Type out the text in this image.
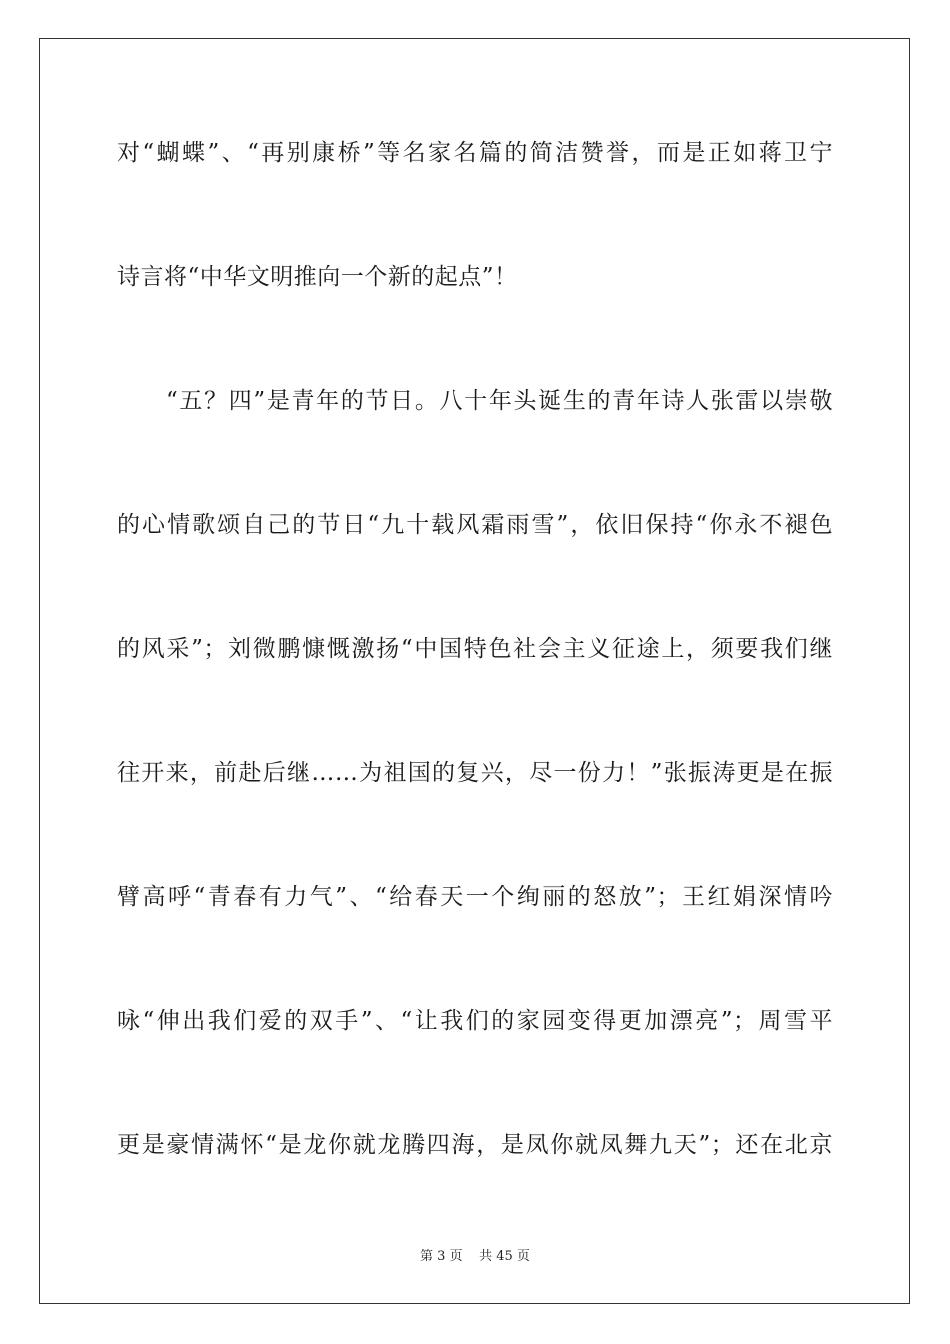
对“蝴蝶”、“再别康桥”等名家名篇的简洁赞誉，而是正如蒋卫宁
诗言将“中华文明推向一个新的起点”！
“五？四”是青年的节日。八十年头诞生的青年诗人张雷以崇敬
的心情歌颂自己的节日“九十载风霜雨雪”，依旧保持“你永不褪色
的风采”；刘微鹏慷慨激扬“中国特色社会主义征途上，须要我们继
往开来，前赴后继……为祖国的复兴，尽一份力！”张振涛更是在振
臂高呼“青春有力气”、“给春天一个绚丽的怒放”；王红娟深情吟
咏“伸出我们爱的双手”、“让我们的家园变得更加漂亮”；周雪平
更是豪情满怀“是龙你就龙腾四海，是凤你就凤舞九天”；还在北京
第 3 页 共 45 页
